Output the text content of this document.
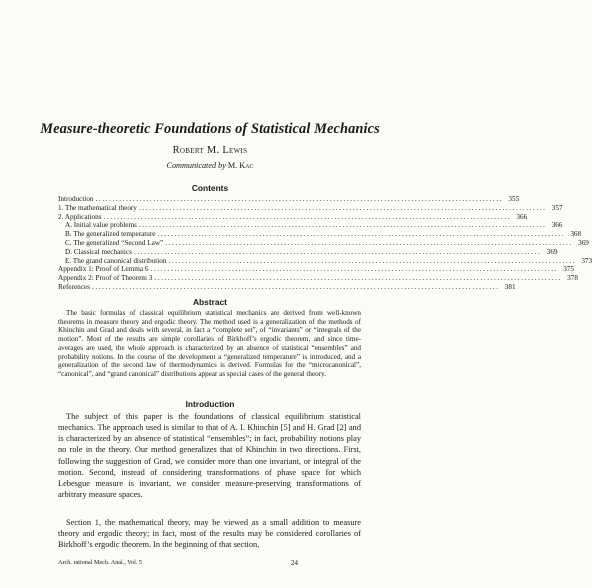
Measure-theoretic Foundations of Statistical Mechanics
Robert M. Lewis
Communicated by M. Kac
Contents
Introduction ........................................................................................................................ 355
1. The mathematical theory ........................................................................................................................ 357
2. Applications ........................................................................................................................ 366
A. Initial value problems ........................................................................................................................ 366
B. The generalized temperature ........................................................................................................................ 368
C. The generalized “Second Law” ........................................................................................................................ 369
D. Classical mechanics ........................................................................................................................ 369
E. The grand canonical distribution ........................................................................................................................ 373
Appendix 1: Proof of Lemma 6 ........................................................................................................................ 375
Appendix 2: Proof of Theorem 3 ........................................................................................................................ 378
References ........................................................................................................................ 381
Abstract

The basic formulas of classical equilibrium statistical mechanics are derived from well-known theorems in measure theory and ergodic theory. The method used is a generalization of the methods of Khinchin and Grad and deals with several, in fact a “complete set”, of “invariants” or “integrals of the motion”. Most of the results are simple corollaries of Birkhoff’s ergodic theorem, and since time-averages are used, the whole approach is characterized by an absence of statistical “ensembles” and probability notions. In the course of the development a “generalized temperature” is introduced, and a generalization of the second law of thermodynamics is derived. Formulas for the “microcanonical”, “canonical”, and “grand canonical” distributions appear as special cases of the general theory.

Introduction

The subject of this paper is the foundations of classical equilibrium statistical mechanics. The approach used is similar to that of A. I. Khinchin [5] and H. Grad [2] and is characterized by an absence of statistical “ensembles”; in fact, probability notions play no role in the theory. Our method generalizes that of Khinchin in two directions. First, following the suggestion of Grad, we consider more than one invariant, or integral of the motion. Second, instead of considering transformations of phase space for which Lebesgue measure is invariant, we consider measure-preserving transformations of arbitrary measure spaces.

Section 1, the mathematical theory, may be viewed as a small addition to measure theory and ergodic theory; in fact, most of the results may be considered corollaries of Birkhoff’s ergodic theorem. In the beginning of that section,

Arch. rational Mech. Anal., Vol. 5	24
